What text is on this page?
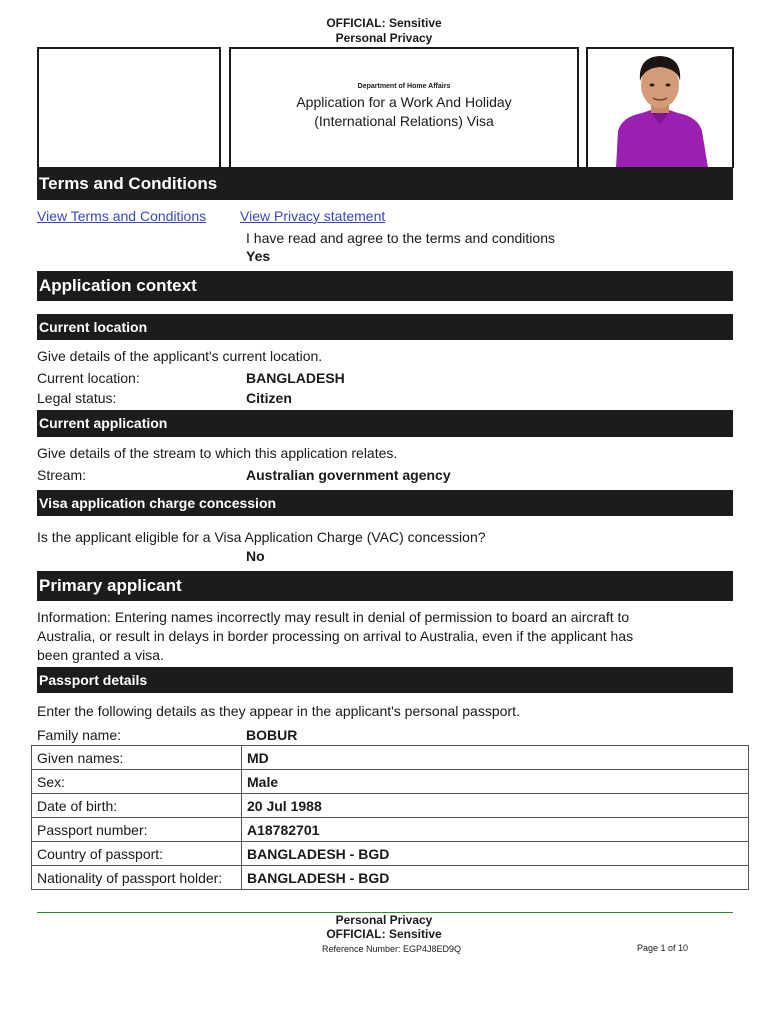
OFFICIAL: Sensitive
Personal Privacy
Department of Home Affairs
Application for a Work And Holiday
(International Relations) Visa
Terms and Conditions
View Terms and Conditions View Privacy statement
I have read and agree to the terms and conditions
Yes
Application context
Current location
Give details of the applicant's current location.
Current location:	BANGLADESH
Legal status:	Citizen
Current application
Give details of the stream to which this application relates.
Stream:	Australian government agency
Visa application charge concession
Is the applicant eligible for a Visa Application Charge (VAC) concession?
No
Primary applicant
Information: Entering names incorrectly may result in denial of permission to board an aircraft to
Australia, or result in delays in border processing on arrival to Australia, even if the applicant has
been granted a visa.
Passport details
Enter the following details as they appear in the applicant's personal passport.
Family name:	BOBUR
Given names:	MD
Sex:	Male
Date of birth:	20 Jul 1988
Passport number:	A18782701
Country of passport:	BANGLADESH - BGD
Nationality of passport holder:	BANGLADESH - BGD
Personal Privacy
OFFICIAL: Sensitive
Reference Number: EGP4J8ED9Q	Page 1 of 10
